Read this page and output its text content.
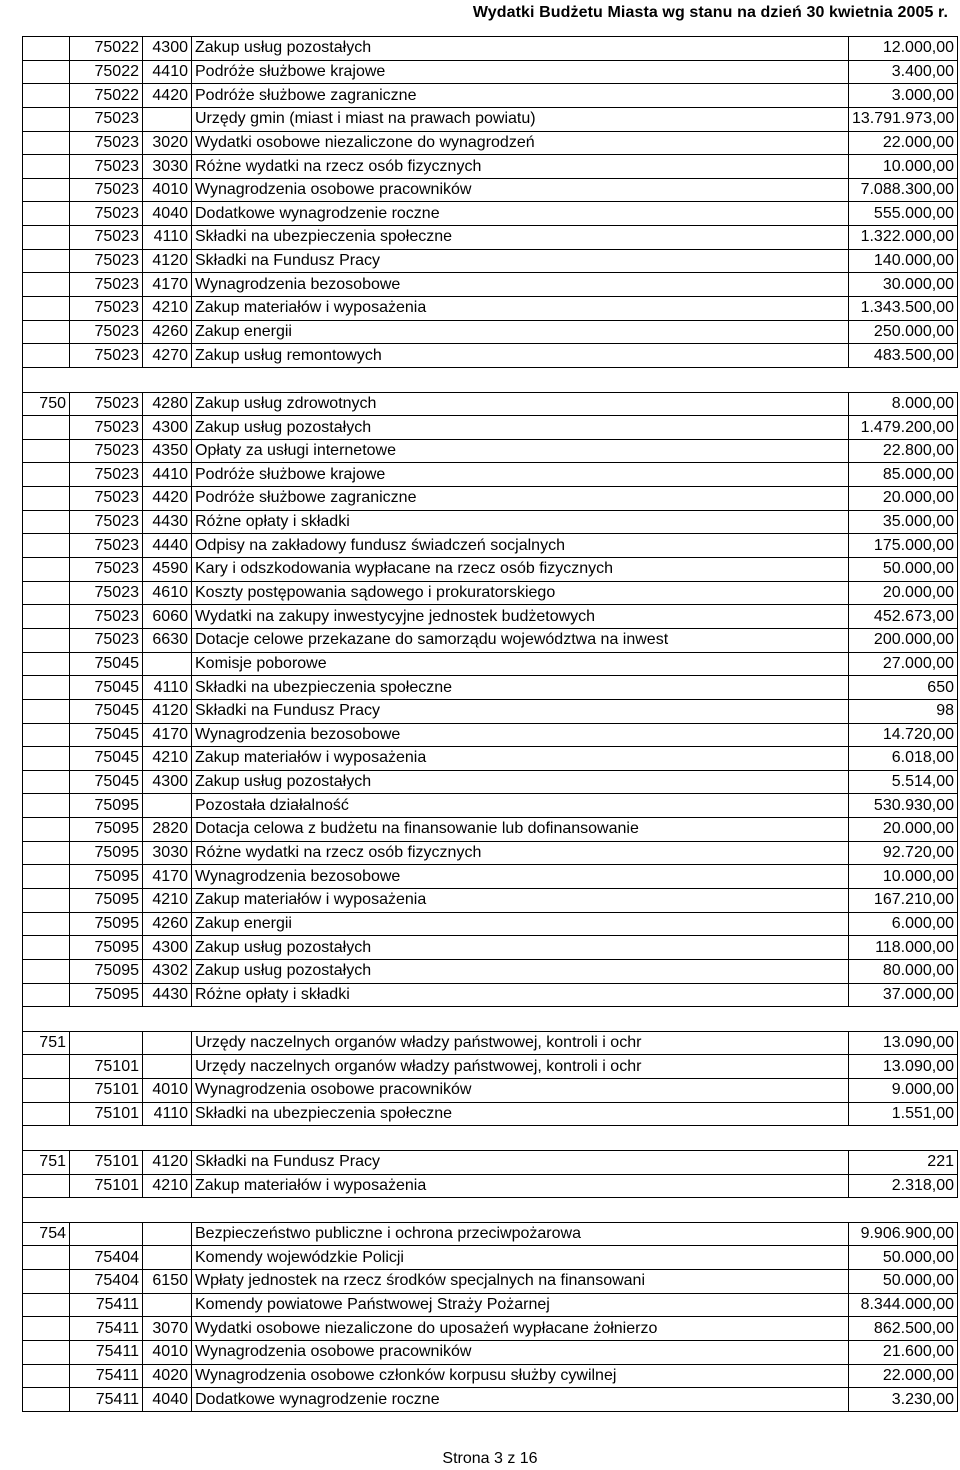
Wydatki Budżetu Miasta wg stanu na dzień 30 kwietnia 2005 r.
	75022	4300	Zakup usług pozostałych	12.000,00
	75022	4410	Podróże służbowe krajowe	3.400,00
	75022	4420	Podróże służbowe zagraniczne	3.000,00
	75023		Urzędy gmin (miast i miast na prawach powiatu)	13.791.973,00
	75023	3020	Wydatki osobowe niezaliczone do wynagrodzeń	22.000,00
	75023	3030	Różne wydatki na rzecz osób fizycznych	10.000,00
	75023	4010	Wynagrodzenia osobowe pracowników	7.088.300,00
	75023	4040	Dodatkowe wynagrodzenie roczne	555.000,00
	75023	4110	Składki na ubezpieczenia społeczne	1.322.000,00
	75023	4120	Składki na Fundusz Pracy	140.000,00
	75023	4170	Wynagrodzenia bezosobowe	30.000,00
	75023	4210	Zakup materiałów i wyposażenia	1.343.500,00
	75023	4260	Zakup energii	250.000,00
	75023	4270	Zakup usług remontowych	483.500,00

750	75023	4280	Zakup usług zdrowotnych	8.000,00
	75023	4300	Zakup usług pozostałych	1.479.200,00
	75023	4350	Opłaty za usługi internetowe	22.800,00
	75023	4410	Podróże służbowe krajowe	85.000,00
	75023	4420	Podróże służbowe zagraniczne	20.000,00
	75023	4430	Różne opłaty i składki	35.000,00
	75023	4440	Odpisy na zakładowy fundusz świadczeń socjalnych	175.000,00
	75023	4590	Kary i odszkodowania wypłacane na rzecz osób fizycznych	50.000,00
	75023	4610	Koszty postępowania sądowego i prokuratorskiego	20.000,00
	75023	6060	Wydatki na zakupy inwestycyjne jednostek budżetowych	452.673,00
	75023	6630	Dotacje celowe przekazane do samorządu województwa na inwest	200.000,00
	75045		Komisje poborowe	27.000,00
	75045	4110	Składki na ubezpieczenia społeczne	650
	75045	4120	Składki na Fundusz Pracy	98
	75045	4170	Wynagrodzenia bezosobowe	14.720,00
	75045	4210	Zakup materiałów i wyposażenia	6.018,00
	75045	4300	Zakup usług pozostałych	5.514,00
	75095		Pozostała działalność	530.930,00
	75095	2820	Dotacja celowa z budżetu na finansowanie lub dofinansowanie	20.000,00
	75095	3030	Różne wydatki na rzecz osób fizycznych	92.720,00
	75095	4170	Wynagrodzenia bezosobowe	10.000,00
	75095	4210	Zakup materiałów i wyposażenia	167.210,00
	75095	4260	Zakup energii	6.000,00
	75095	4300	Zakup usług pozostałych	118.000,00
	75095	4302	Zakup usług pozostałych	80.000,00
	75095	4430	Różne opłaty i składki	37.000,00

751			Urzędy naczelnych organów władzy państwowej, kontroli i ochr	13.090,00
	75101		Urzędy naczelnych organów władzy państwowej, kontroli i ochr	13.090,00
	75101	4010	Wynagrodzenia osobowe pracowników	9.000,00
	75101	4110	Składki na ubezpieczenia społeczne	1.551,00

751	75101	4120	Składki na Fundusz Pracy	221
	75101	4210	Zakup materiałów i wyposażenia	2.318,00

754			Bezpieczeństwo publiczne i ochrona przeciwpożarowa	9.906.900,00
	75404		Komendy wojewódzkie Policji	50.000,00
	75404	6150	Wpłaty jednostek na rzecz środków specjalnych na finansowani	50.000,00
	75411		Komendy powiatowe Państwowej Straży Pożarnej	8.344.000,00
	75411	3070	Wydatki osobowe niezaliczone do uposażeń wypłacane żołnierzo	862.500,00
	75411	4010	Wynagrodzenia osobowe pracowników	21.600,00
	75411	4020	Wynagrodzenia osobowe członków korpusu służby cywilnej	22.000,00
	75411	4040	Dodatkowe wynagrodzenie roczne	3.230,00
Strona 3 z 16
